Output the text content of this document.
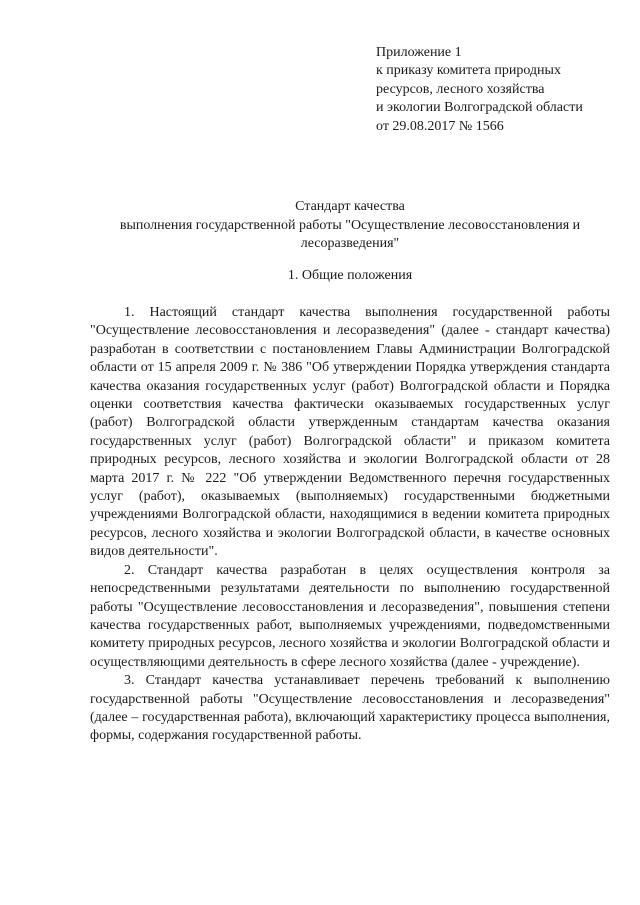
Приложение 1
к приказу комитета природных
ресурсов, лесного хозяйства
и экологии Волгоградской области
от 29.08.2017 № 1566
Стандарт качества
выполнения государственной работы "Осуществление лесовосстановления и
лесоразведения"
1. Общие положения

1. Настоящий стандарт качества выполнения государственной работы "Осуществление лесовосстановления и лесоразведения" (далее - стандарт качества) разработан в соответствии с постановлением Главы Администрации Волгоградской области от 15 апреля 2009 г. № 386 "Об утверждении Порядка утверждения стандарта качества оказания государственных услуг (работ) Волгоградской области и Порядка оценки соответствия качества фактически оказываемых государственных услуг (работ) Волгоградской области утвержденным стандартам качества оказания государственных услуг (работ) Волгоградской области" и приказом комитета природных ресурсов, лесного хозяйства и экологии Волгоградской области от 28 марта 2017 г. № 222 "Об утверждении Ведомственного перечня государственных услуг (работ), оказываемых (выполняемых) государственными бюджетными учреждениями Волгоградской области, находящимися в ведении комитета природных ресурсов, лесного хозяйства и экологии Волгоградской области, в качестве основных видов деятельности".

2. Стандарт качества разработан в целях осуществления контроля за непосредственными результатами деятельности по выполнению государственной работы "Осуществление лесовосстановления и лесоразведения", повышения степени качества государственных работ, выполняемых учреждениями, подведомственными комитету природных ресурсов, лесного хозяйства и экологии Волгоградской области и осуществляющими деятельность в сфере лесного хозяйства (далее - учреждение).

3. Стандарт качества устанавливает перечень требований к выполнению государственной работы "Осуществление лесовосстановления и лесоразведения" (далее – государственная работа), включающий характеристику процесса выполнения, формы, содержания государственной работы.
